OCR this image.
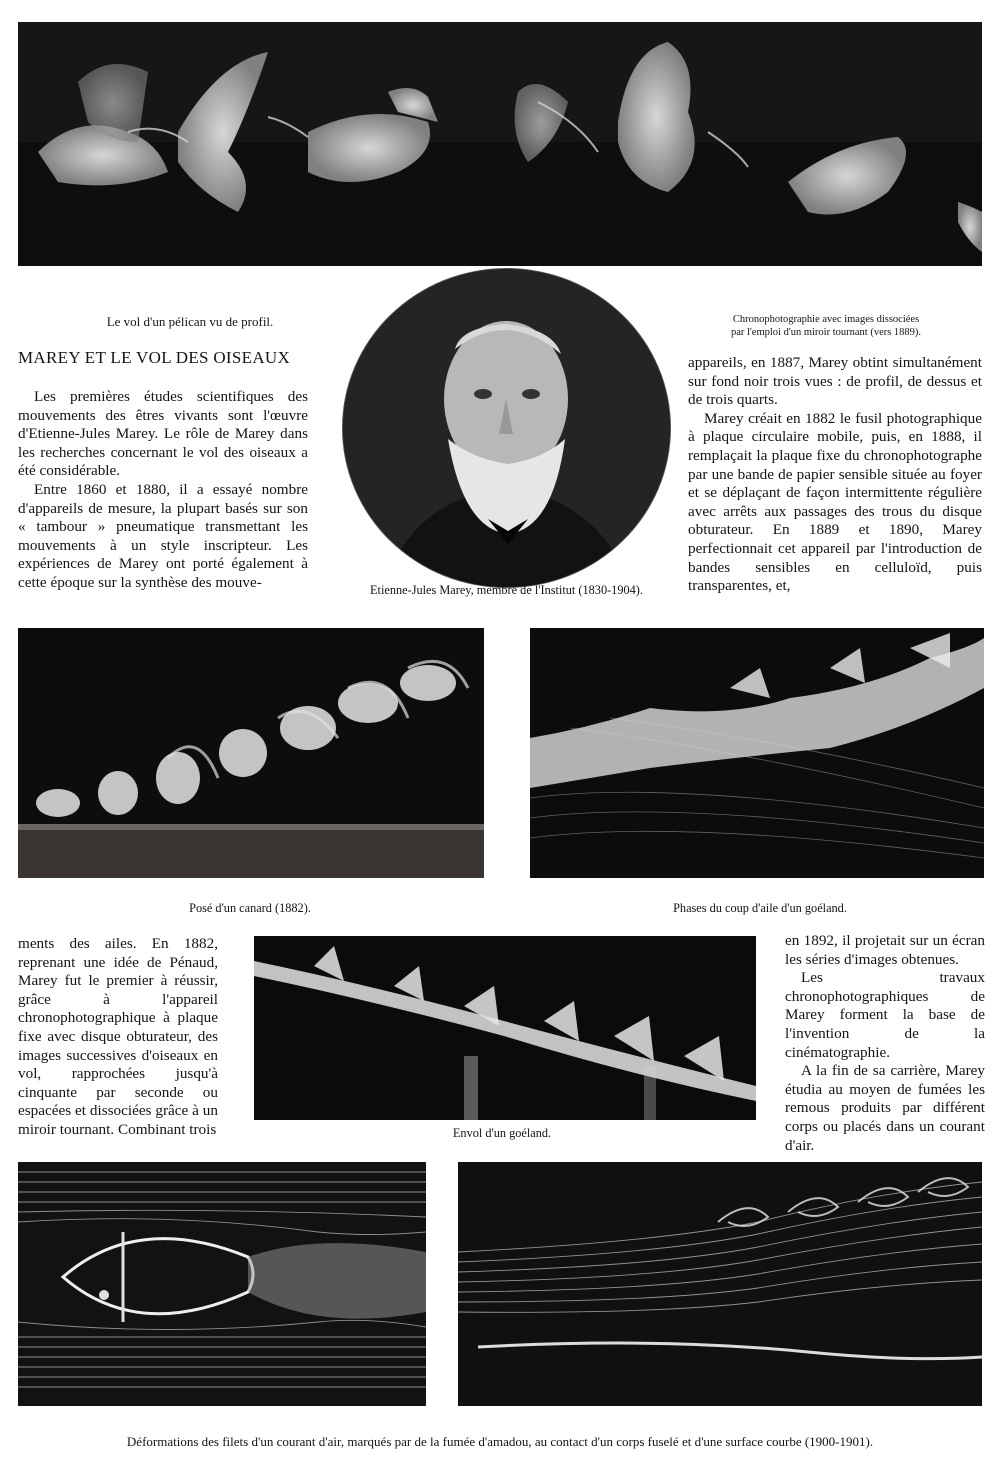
Le vol d'un pélican vu de profil.	Chronophotographie avec images dissociées
par l'emploi d'un miroir tournant (vers 1889).

Etienne-Jules Marey, membre de l'Institut (1830-1904).

MAREY ET LE VOL DES OISEAUX

Les premières études scientifiques des mouvements des êtres vivants sont l'œuvre d'Etienne-Jules Marey. Le rôle de Marey dans les recherches concernant le vol des oiseaux a été considérable.

Entre 1860 et 1880, il a essayé nombre d'appareils de mesure, la plupart basés sur son « tambour » pneumatique transmettant les mouvements à un style inscripteur. Les expériences de Marey ont porté également à cette époque sur la synthèse des mouve-

appareils, en 1887, Marey obtint simultanément sur fond noir trois vues : de profil, de dessus et de trois quarts.

Marey créait en 1882 le fusil photographique à plaque circulaire mobile, puis, en 1888, il remplaçait la plaque fixe du chronophotographe par une bande de papier sensible située au foyer et se déplaçant de façon intermittente régulière avec arrêts aux passages des trous du disque obturateur. En 1889 et 1890, Marey perfectionnait cet appareil par l'introduction de bandes sensibles en celluloïd, puis transparentes, et,

Posé d'un canard (1882).	Phases du coup d'aile d'un goéland.

ments des ailes. En 1882, reprenant une idée de Pénaud, Marey fut le premier à réussir, grâce à l'appareil chronophotographique à plaque fixe avec disque obturateur, des images successives d'oiseaux en vol, rapprochées jusqu'à cinquante par seconde ou espacées et dissociées grâce à un miroir tournant. Combinant trois	Envol d'un goéland.

en 1892, il projetait sur un écran les séries d'images obtenues.

Les travaux chronophotographiques de Marey forment la base de l'invention de la cinématographie.

A la fin de sa carrière, Marey étudia au moyen de fumées les remous produits par différent corps ou placés dans un courant d'air.

Déformations des filets d'un courant d'air, marqués par de la fumée d'amadou, au contact d'un corps fuselé et d'une surface courbe (1900-1901).
